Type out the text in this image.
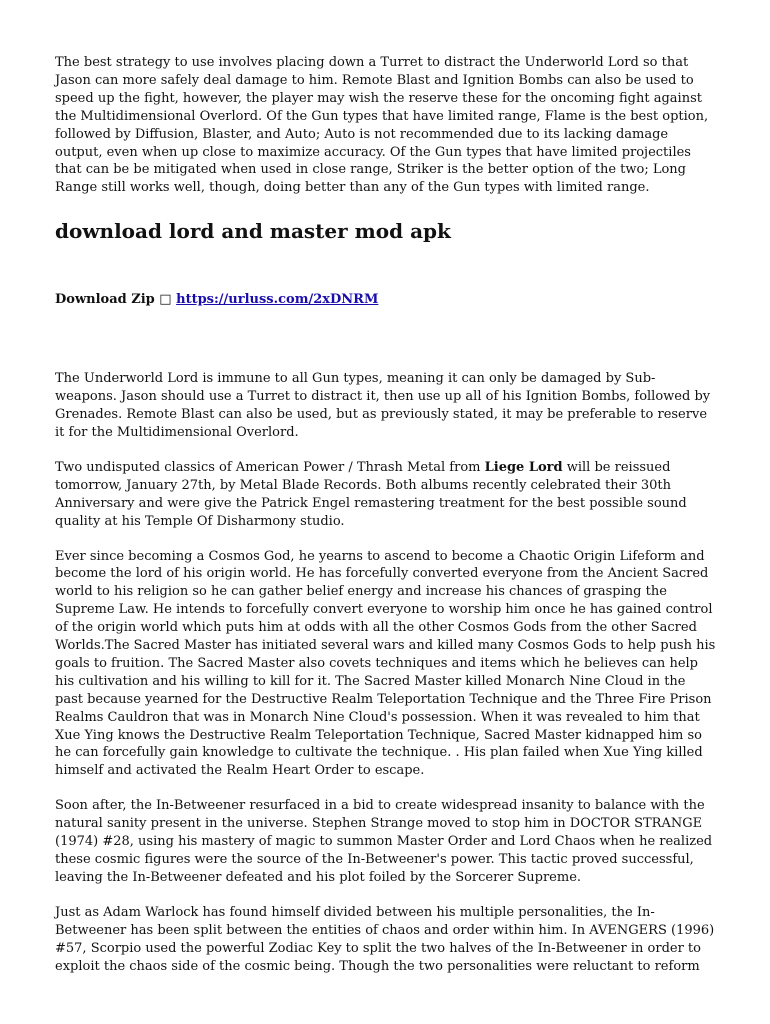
The best strategy to use involves placing down a Turret to distract the Underworld Lord so that Jason can more safely deal damage to him. Remote Blast and Ignition Bombs can also be used to speed up the fight, however, the player may wish the reserve these for the oncoming fight against the Multidimensional Overlord. Of the Gun types that have limited range, Flame is the best option, followed by Diffusion, Blaster, and Auto; Auto is not recommended due to its lacking damage output, even when up close to maximize accuracy. Of the Gun types that have limited projectiles that can be be mitigated when used in close range, Striker is the better option of the two; Long Range still works well, though, doing better than any of the Gun types with limited range.

download lord and master mod apk
Download Zip □ https://urluss.com/2xDNRM

The Underworld Lord is immune to all Gun types, meaning it can only be damaged by Sub-weapons. Jason should use a Turret to distract it, then use up all of his Ignition Bombs, followed by Grenades. Remote Blast can also be used, but as previously stated, it may be preferable to reserve it for the Multidimensional Overlord.

Two undisputed classics of American Power / Thrash Metal from Liege Lord will be reissued tomorrow, January 27th, by Metal Blade Records. Both albums recently celebrated their 30th Anniversary and were give the Patrick Engel remastering treatment for the best possible sound quality at his Temple Of Disharmony studio.

Ever since becoming a Cosmos God, he yearns to ascend to become a Chaotic Origin Lifeform and become the lord of his origin world. He has forcefully converted everyone from the Ancient Sacred world to his religion so he can gather belief energy and increase his chances of grasping the Supreme Law. He intends to forcefully convert everyone to worship him once he has gained control of the origin world which puts him at odds with all the other Cosmos Gods from the other Sacred Worlds.The Sacred Master has initiated several wars and killed many Cosmos Gods to help push his goals to fruition. The Sacred Master also covets techniques and items which he believes can help his cultivation and his willing to kill for it. The Sacred Master killed Monarch Nine Cloud in the past because yearned for the Destructive Realm Teleportation Technique and the Three Fire Prison Realms Cauldron that was in Monarch Nine Cloud's possession. When it was revealed to him that Xue Ying knows the Destructive Realm Teleportation Technique, Sacred Master kidnapped him so he can forcefully gain knowledge to cultivate the technique. . His plan failed when Xue Ying killed himself and activated the Realm Heart Order to escape.

Soon after, the In-Betweener resurfaced in a bid to create widespread insanity to balance with the natural sanity present in the universe. Stephen Strange moved to stop him in DOCTOR STRANGE (1974) #28, using his mastery of magic to summon Master Order and Lord Chaos when he realized these cosmic figures were the source of the In-Betweener's power. This tactic proved successful, leaving the In-Betweener defeated and his plot foiled by the Sorcerer Supreme.

Just as Adam Warlock has found himself divided between his multiple personalities, the In-Betweener has been split between the entities of chaos and order within him. In AVENGERS (1996) #57, Scorpio used the powerful Zodiac Key to split the two halves of the In-Betweener in order to exploit the chaos side of the cosmic being. Though the two personalities were reluctant to reform
